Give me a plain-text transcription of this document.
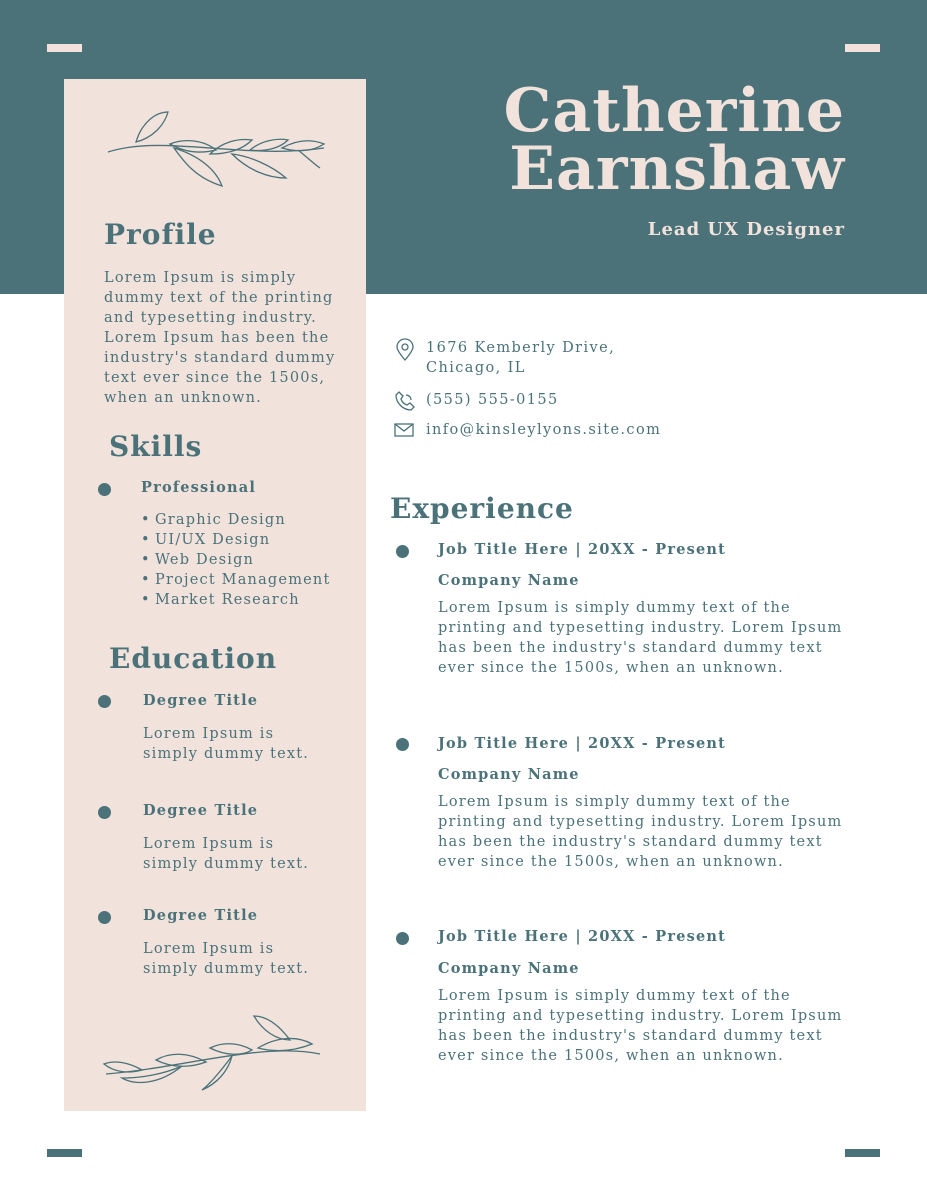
Catherine
Earnshaw

Lead UX Designer

Profile
Lorem Ipsum is simply
dummy text of the printing
and typesetting industry.
Lorem Ipsum has been the
industry's standard dummy
text ever since the 1500s,
when an unknown.
Skills

Professional

• Graphic Design
• UI/UX Design
• Web Design
• Project Management
• Market Research
Education

Degree Title

Lorem Ipsum is
simply dummy text.

Degree Title

Lorem Ipsum is
simply dummy text.

Degree Title

Lorem Ipsum is
simply dummy text.
1676 Kemberly Drive,
Chicago, IL

(555) 555-0155

info@kinsleylyons.site.com

Experience

Job Title Here | 20XX - Present

Company Name

Lorem Ipsum is simply dummy text of the
printing and typesetting industry. Lorem Ipsum
has been the industry's standard dummy text
ever since the 1500s, when an unknown.

Job Title Here | 20XX - Present

Company Name

Lorem Ipsum is simply dummy text of the
printing and typesetting industry. Lorem Ipsum
has been the industry's standard dummy text
ever since the 1500s, when an unknown.

Job Title Here | 20XX - Present

Company Name

Lorem Ipsum is simply dummy text of the
printing and typesetting industry. Lorem Ipsum
has been the industry's standard dummy text
ever since the 1500s, when an unknown.
